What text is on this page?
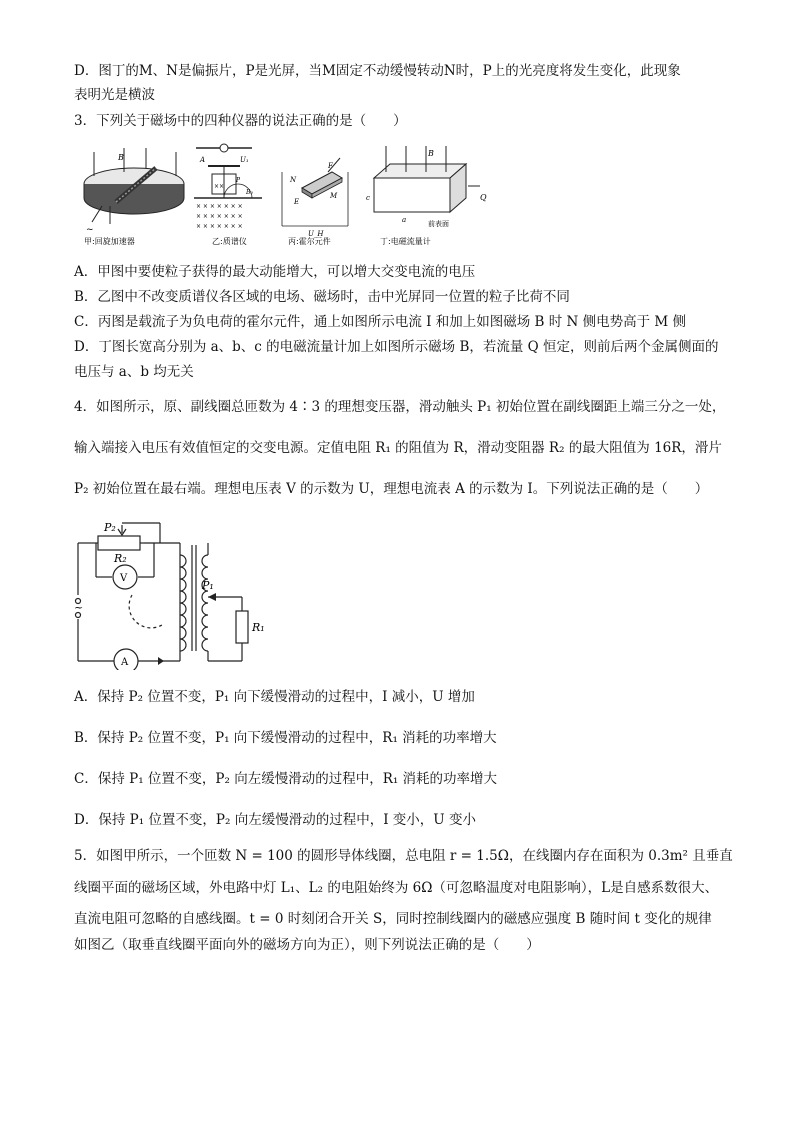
D．图丁的M、N是偏振片，P是光屏，当M固定不动缓慢转动N时，P上的光亮度将发生变化，此现象
表明光是横波
3．下列关于磁场中的四种仪器的说法正确的是（　　）
B
~
甲:回旋加速器
A	U₁
××
P
× × × × × × ×
× × × × × × ×
× × × × × × ×
B₀
乙:质谱仪
N
M
F
E
U_H
丙:霍尔元件
B
c
a
Q
前表面
丁:电磁流量计
A．甲图中要使粒子获得的最大动能增大，可以增大交变电流的电压
B．乙图中不改变质谱仪各区域的电场、磁场时，击中光屏同一位置的粒子比荷不同
C．丙图是载流子为负电荷的霍尔元件，通上如图所示电流 I 和加上如图磁场 B 时 N 侧电势高于 M 侧
D．丁图长宽高分别为 a、b、c 的电磁流量计加上如图所示磁场 B，若流量 Q 恒定，则前后两个金属侧面的
电压与 a、b 均无关
4．如图所示，原、副线圈总匝数为 4∶3 的理想变压器，滑动触头 P₁ 初始位置在副线圈距上端三分之一处，
输入端接入电压有效值恒定的交变电源。定值电阻 R₁ 的阻值为 R，滑动变阻器 R₂ 的最大阻值为 16R，滑片
P₂ 初始位置在最右端。理想电压表 V 的示数为 U，理想电流表 A 的示数为 I。下列说法正确的是（　　）
P₂
R₂
V
A
P₁
R₁
~
A．保持 P₂ 位置不变，P₁ 向下缓慢滑动的过程中，I 减小，U 增加
B．保持 P₂ 位置不变，P₁ 向下缓慢滑动的过程中，R₁ 消耗的功率增大
C．保持 P₁ 位置不变，P₂ 向左缓慢滑动的过程中，R₁ 消耗的功率增大
D．保持 P₁ 位置不变，P₂ 向左缓慢滑动的过程中，I 变小，U 变小
5．如图甲所示，一个匝数 N = 100 的圆形导体线圈，总电阻 r = 1.5Ω，在线圈内存在面积为 0.3m² 且垂直
线圈平面的磁场区域，外电路中灯 L₁、L₂ 的电阻始终为 6Ω（可忽略温度对电阻影响），L是自感系数很大、
直流电阻可忽略的自感线圈。t = 0 时刻闭合开关 S，同时控制线圈内的磁感应强度 B 随时间 t 变化的规律
如图乙（取垂直线圈平面向外的磁场方向为正），则下列说法正确的是（　　）
